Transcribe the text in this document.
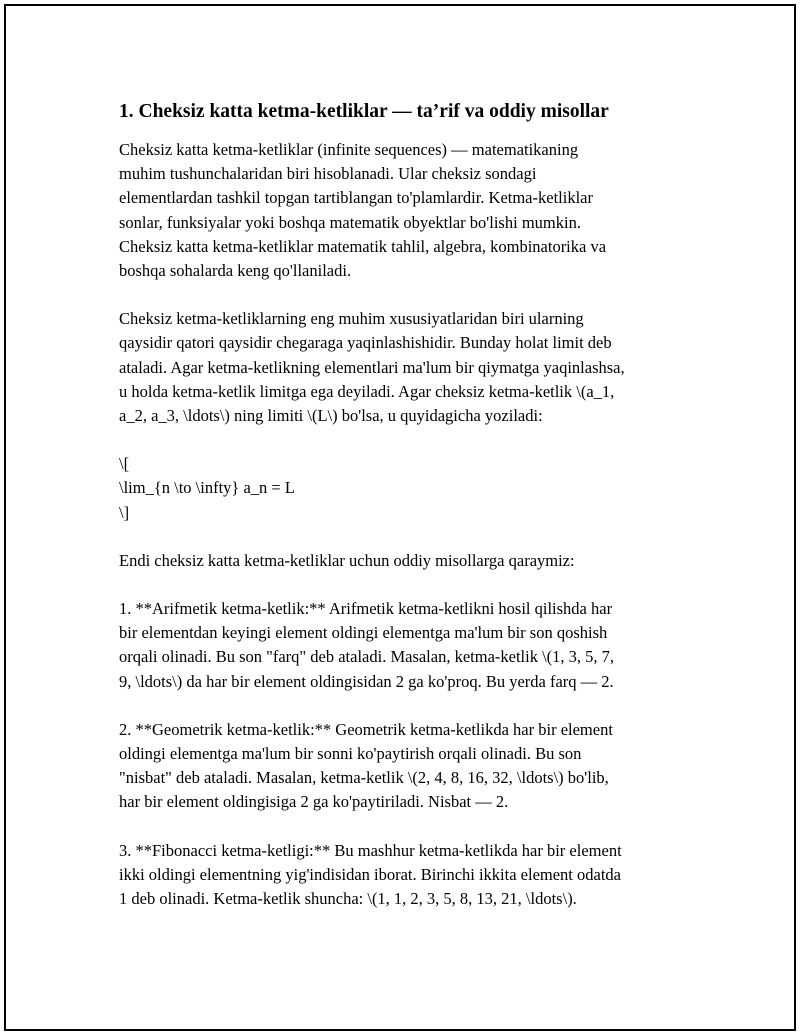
1. Cheksiz katta ketma-ketliklar — ta’rif va oddiy misollar

Cheksiz katta ketma-ketliklar (infinite sequences) — matematikaning
muhim tushunchalaridan biri hisoblanadi. Ular cheksiz sondagi
elementlardan tashkil topgan tartiblangan to'plamlardir. Ketma-ketliklar
sonlar, funksiyalar yoki boshqa matematik obyektlar bo'lishi mumkin.
Cheksiz katta ketma-ketliklar matematik tahlil, algebra, kombinatorika va
boshqa sohalarda keng qo'llaniladi.

Cheksiz ketma-ketliklarning eng muhim xususiyatlaridan biri ularning
qaysidir qatori qaysidir chegaraga yaqinlashishidir. Bunday holat limit deb
ataladi. Agar ketma-ketlikning elementlari ma'lum bir qiymatga yaqinlashsa,
u holda ketma-ketlik limitga ega deyiladi. Agar cheksiz ketma-ketlik \(a_1,
a_2, a_3, \ldots\) ning limiti \(L\) bo'lsa, u quyidagicha yoziladi:

\[
\lim_{n \to \infty} a_n = L
\]

Endi cheksiz katta ketma-ketliklar uchun oddiy misollarga qaraymiz:

1. **Arifmetik ketma-ketlik:** Arifmetik ketma-ketlikni hosil qilishda har
bir elementdan keyingi element oldingi elementga ma'lum bir son qoshish
orqali olinadi. Bu son "farq" deb ataladi. Masalan, ketma-ketlik \(1, 3, 5, 7,
9, \ldots\) da har bir element oldingisidan 2 ga ko'proq. Bu yerda farq — 2.

2. **Geometrik ketma-ketlik:** Geometrik ketma-ketlikda har bir element
oldingi elementga ma'lum bir sonni ko'paytirish orqali olinadi. Bu son
"nisbat" deb ataladi. Masalan, ketma-ketlik \(2, 4, 8, 16, 32, \ldots\) bo'lib,
har bir element oldingisiga 2 ga ko'paytiriladi. Nisbat — 2.

3. **Fibonacci ketma-ketligi:** Bu mashhur ketma-ketlikda har bir element
ikki oldingi elementning yig'indisidan iborat. Birinchi ikkita element odatda
1 deb olinadi. Ketma-ketlik shuncha: \(1, 1, 2, 3, 5, 8, 13, 21, \ldots\).
